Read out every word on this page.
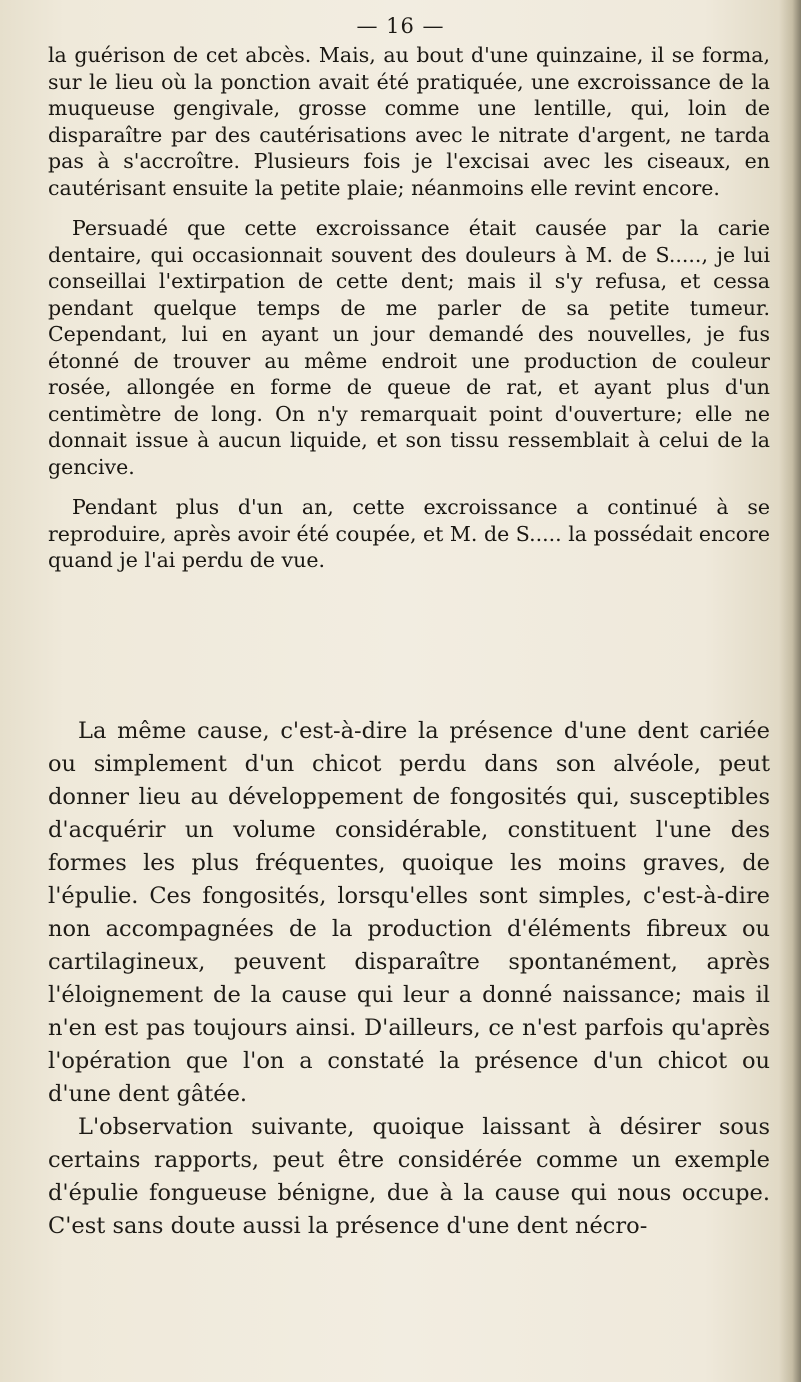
— 16 —

la guérison de cet abcès. Mais, au bout d'une quinzaine, il se forma, sur le lieu où la ponction avait été pratiquée, une excroissance de la muqueuse gengivale, grosse comme une lentille, qui, loin de disparaître par des cautérisations avec le nitrate d'argent, ne tarda pas à s'accroître. Plusieurs fois je l'excisai avec les ciseaux, en cautérisant ensuite la petite plaie; néanmoins elle revint encore.

Persuadé que cette excroissance était causée par la carie dentaire, qui occasionnait souvent des douleurs à M. de S....., je lui conseillai l'extirpation de cette dent; mais il s'y refusa, et cessa pendant quelque temps de me parler de sa petite tumeur. Cependant, lui en ayant un jour demandé des nouvelles, je fus étonné de trouver au même endroit une production de couleur rosée, allongée en forme de queue de rat, et ayant plus d'un centimètre de long. On n'y remarquait point d'ouverture; elle ne donnait issue à aucun liquide, et son tissu ressemblait à celui de la gencive.

Pendant plus d'un an, cette excroissance a continué à se reproduire, après avoir été coupée, et M. de S..... la possédait encore quand je l'ai perdu de vue.

La même cause, c'est-à-dire la présence d'une dent cariée ou simplement d'un chicot perdu dans son alvéole, peut donner lieu au développement de fongosités qui, susceptibles d'acquérir un volume considérable, constituent l'une des formes les plus fréquentes, quoique les moins graves, de l'épulie. Ces fongosités, lorsqu'elles sont simples, c'est-à-dire non accompagnées de la production d'éléments fibreux ou cartilagineux, peuvent disparaître spontanément, après l'éloignement de la cause qui leur a donné naissance; mais il n'en est pas toujours ainsi. D'ailleurs, ce n'est parfois qu'après l'opération que l'on a constaté la présence d'un chicot ou d'une dent gâtée.

L'observation suivante, quoique laissant à désirer sous certains rapports, peut être considérée comme un exemple d'épulie fongueuse bénigne, due à la cause qui nous occupe. C'est sans doute aussi la présence d'une dent nécro-
